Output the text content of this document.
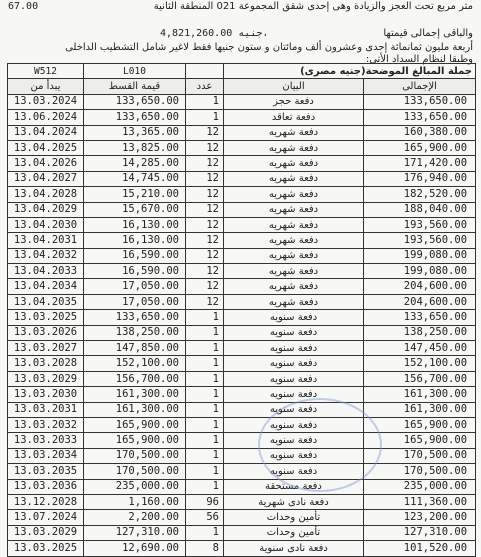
67.00	متر مربع تحت العجز والزيادة وهى إحدى شقق المجموعة 021 المنطقة الثانية
4,821,260.00 جنيه،	والباقى إجمالى قيمتها
أربعة مليون ثمانمائة إحدى وعشرون ألف ومائتان و ستون جنيها فقط لاغير شامل التشطيب الداخلى
وطبقا لنظام السداد الأتى:
W512	L010		جملة المبالغ الموضحة(جنيه مصرى)	
يبدأ من	قيمة القسط	عدد	البيان	الإجمالى
13.03.2024	133,650.00	1	دفعة حجز	133,650.00
13.06.2024	133,650.00	1	دفعة تعاقد	133,650.00
13.04.2024	13,365.00	12	دفعة شهريه	160,380.00
13.04.2025	13,825.00	12	دفعة شهريه	165,900.00
13.04.2026	14,285.00	12	دفعة شهريه	171,420.00
13.04.2027	14,745.00	12	دفعة شهريه	176,940.00
13.04.2028	15,210.00	12	دفعة شهريه	182,520.00
13.04.2029	15,670.00	12	دفعة شهريه	188,040.00
13.04.2030	16,130.00	12	دفعة شهريه	193,560.00
13.04.2031	16,130.00	12	دفعة شهريه	193,560.00
13.04.2032	16,590.00	12	دفعة شهريه	199,080.00
13.04.2033	16,590.00	12	دفعة شهريه	199,080.00
13.04.2034	17,050.00	12	دفعة شهريه	204,600.00
13.04.2035	17,050.00	12	دفعة شهريه	204,600.00
13.03.2025	133,650.00	1	دفعة سنويه	133,650.00
13.03.2026	138,250.00	1	دفعة سنويه	138,250.00
13.03.2027	147,850.00	1	دفعة سنويه	147,450.00
13.03.2028	152,100.00	1	دفعة سنويه	152,100.00
13.03.2029	156,700.00	1	دفعة سنويه	156,700.00
13.03.2030	161,300.00	1	دفعة سنويه	161,300.00
13.03.2031	161,300.00	1	دفعة سنويه	161,300.00
13.03.2032	165,900.00	1	دفعة سنويه	165,900.00
13.03.2033	165,900.00	1	دفعة سنويه	165,900.00
13.03.2034	170,500.00	1	دفعة سنويه	170,500.00
13.03.2035	170,500.00	1	دفعة سنويه	170,500.00
13.03.2036	235,000.00	1	دفعة مستحقة	235,000.00
13.12.2028	1,160.00	96	دفعة نادى شهرية	111,360.00
13.07.2024	2,200.00	56	تأمين وحدات	123,200.00
13.03.2029	127,310.00	1	تأمين وحدات	127,310.00
13.03.2025	12,690.00	8	دفعة نادى سنوية	101,520.00
